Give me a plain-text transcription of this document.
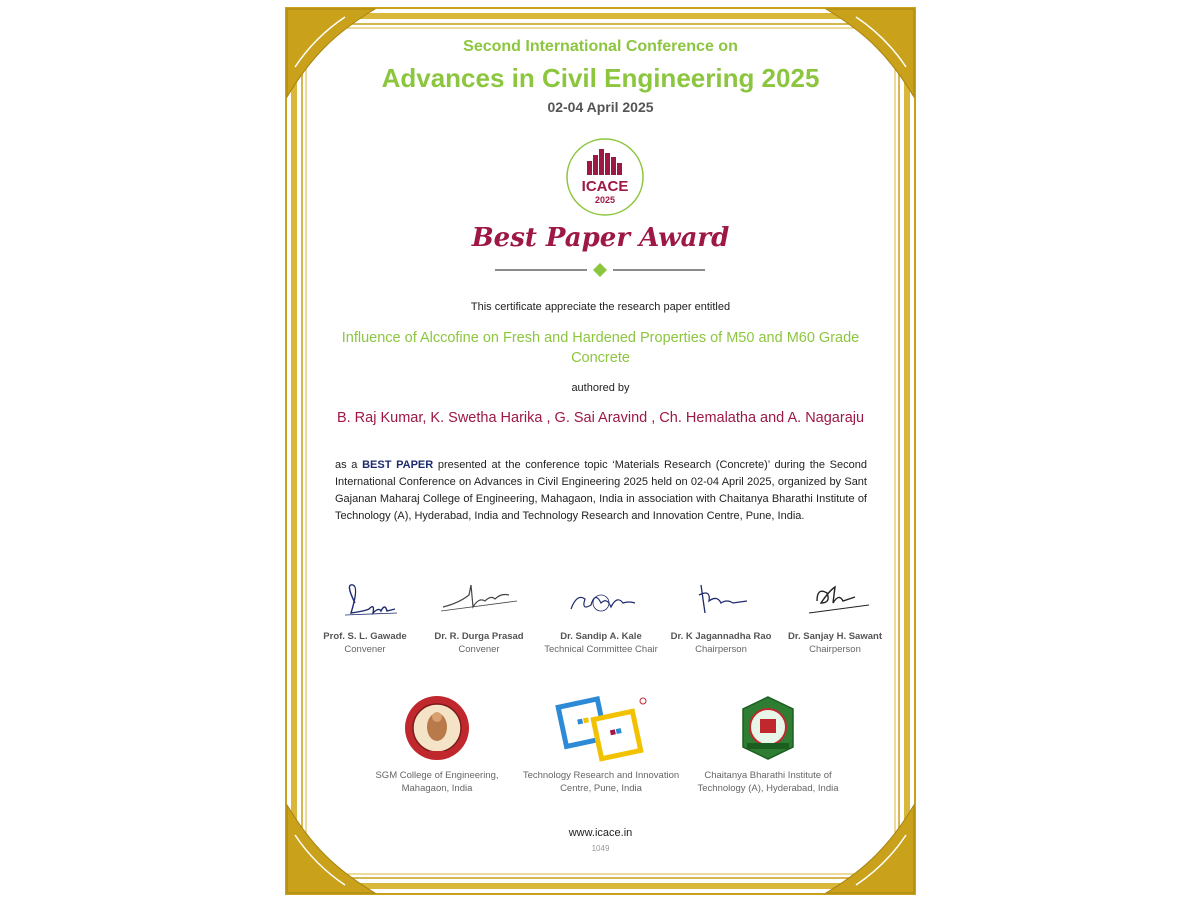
Second International Conference on
Advances in Civil Engineering 2025
02-04 April 2025
ICACE
2025
Best Paper Award
This certificate appreciate the research paper entitled
Influence of Alccofine on Fresh and Hardened Properties of M50 and M60 Grade Concrete
authored by
B. Raj Kumar, K. Swetha Harika , G. Sai Aravind , Ch. Hemalatha and A. Nagaraju
as a BEST PAPER presented at the conference topic ‘Materials Research (Concrete)’ during the Second International Conference on Advances in Civil Engineering 2025 held on 02-04 April 2025, organized by Sant Gajanan Maharaj College of Engineering, Mahagaon, India in association with Chaitanya Bharathi Institute of Technology (A), Hyderabad, India and Technology Research and Innovation Centre, Pune, India.
Prof. S. L. Gawade
Convener
Dr. R. Durga Prasad
Convener
Dr. Sandip A. Kale
Technical Committee Chair
Dr. K Jagannadha Rao
Chairperson
Dr. Sanjay H. Sawant
Chairperson
SGM College of Engineering, Mahagaon, India
Technology Research and Innovation Centre, Pune, India
Chaitanya Bharathi Institute of Technology (A), Hyderabad, India
www.icace.in
1049
